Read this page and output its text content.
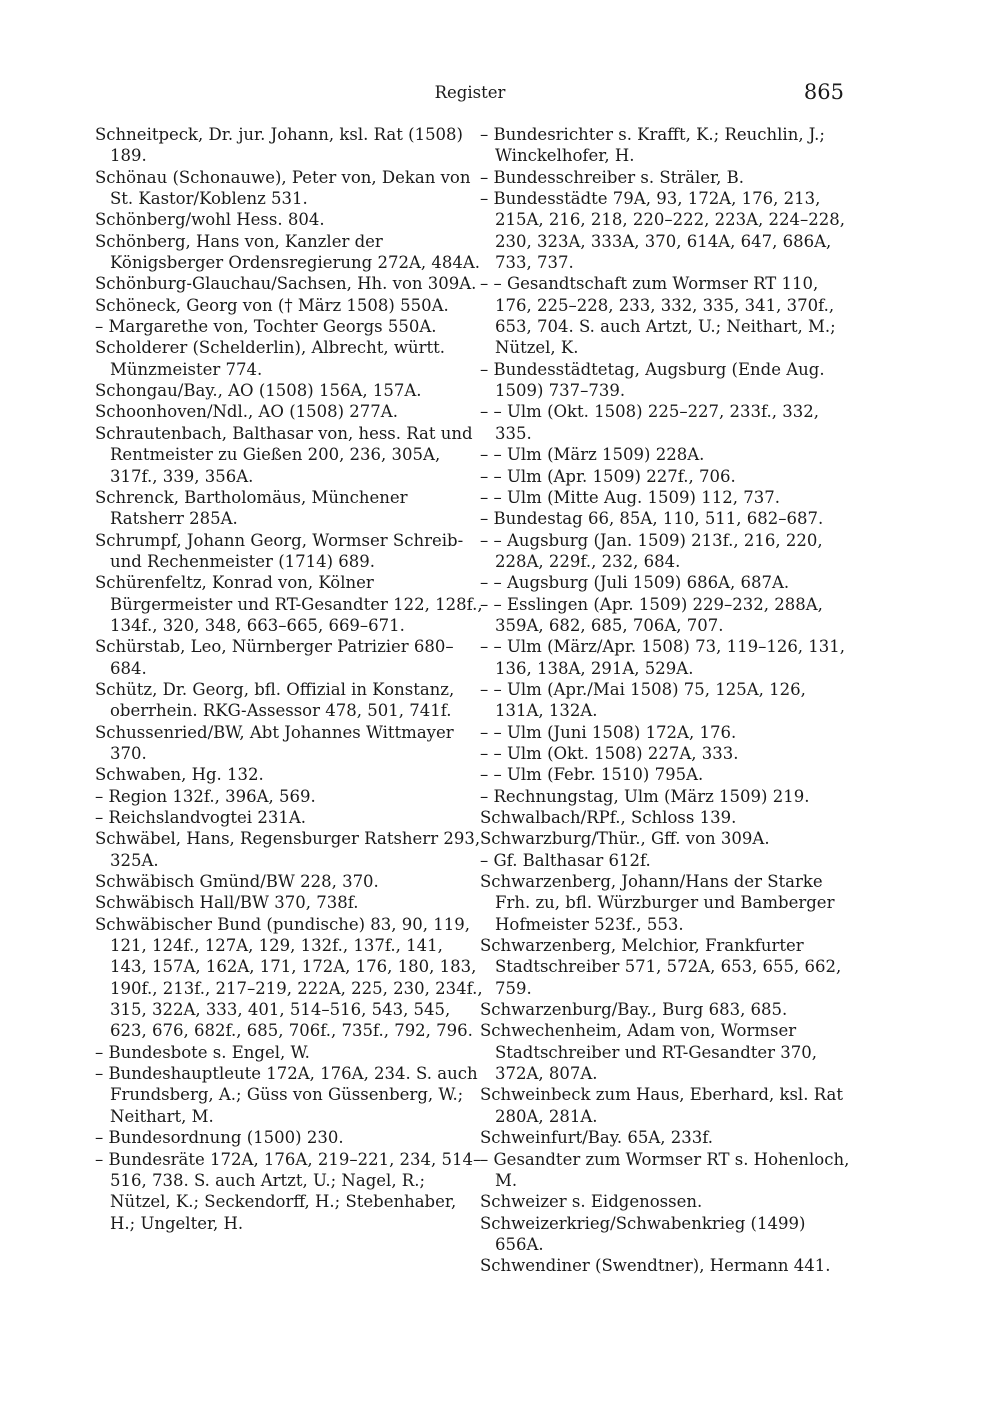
Register	865

Schneitpeck, Dr. jur. Johann, ksl. Rat (1508) 189.

Schönau (Schonauwe), Peter von, Dekan von St. Kastor/Koblenz 531.

Schönberg/wohl Hess. 804.

Schönberg, Hans von, Kanzler der Königsberger Ordensregierung 272A, 484A.

Schönburg-Glauchau/Sachsen, Hh. von 309A.

Schöneck, Georg von († März 1508) 550A.

– Margarethe von, Tochter Georgs 550A.

Scholderer (Schelderlin), Albrecht, württ. Münzmeister 774.

Schongau/Bay., AO (1508) 156A, 157A.

Schoonhoven/Ndl., AO (1508) 277A.

Schrautenbach, Balthasar von, hess. Rat und Rentmeister zu Gießen 200, 236, 305A, 317f., 339, 356A.

Schrenck, Bartholomäus, Münchener Ratsherr 285A.

Schrumpf, Johann Georg, Wormser Schreib- und Rechenmeister (1714) 689.

Schürenfeltz, Konrad von, Kölner Bürgermeister und RT-Gesandter 122, 128f., 134f., 320, 348, 663–665, 669–671.

Schürstab, Leo, Nürnberger Patrizier 680–684.

Schütz, Dr. Georg, bfl. Offizial in Konstanz, oberrhein. RKG-Assessor 478, 501, 741f.

Schussenried/BW, Abt Johannes Wittmayer 370.

Schwaben, Hg. 132.

– Region 132f., 396A, 569.

– Reichslandvogtei 231A.

Schwäbel, Hans, Regensburger Ratsherr 293, 325A.

Schwäbisch Gmünd/BW 228, 370.

Schwäbisch Hall/BW 370, 738f.

Schwäbischer Bund (pundische) 83, 90, 119, 121, 124f., 127A, 129, 132f., 137f., 141, 143, 157A, 162A, 171, 172A, 176, 180, 183, 190f., 213f., 217–219, 222A, 225, 230, 234f., 315, 322A, 333, 401, 514–516, 543, 545, 623, 676, 682f., 685, 706f., 735f., 792, 796.

– Bundesbote s. Engel, W.

– Bundeshauptleute 172A, 176A, 234. S. auch Frundsberg, A.; Güss von Güssenberg, W.; Neithart, M.

– Bundesordnung (1500) 230.

– Bundesräte 172A, 176A, 219–221, 234, 514–516, 738. S. auch Artzt, U.; Nagel, R.; Nützel, K.; Seckendorff, H.; Stebenhaber, H.; Ungelter, H.

– Bundesrichter s. Krafft, K.; Reuchlin, J.; Winckelhofer, H.

– Bundesschreiber s. Sträler, B.

– Bundesstädte 79A, 93, 172A, 176, 213, 215A, 216, 218, 220–222, 223A, 224–228, 230, 323A, 333A, 370, 614A, 647, 686A, 733, 737.

– – Gesandtschaft zum Wormser RT 110, 176, 225–228, 233, 332, 335, 341, 370f., 653, 704. S. auch Artzt, U.; Neithart, M.; Nützel, K.

– Bundesstädtetag, Augsburg (Ende Aug. 1509) 737–739.

– – Ulm (Okt. 1508) 225–227, 233f., 332, 335.

– – Ulm (März 1509) 228A.

– – Ulm (Apr. 1509) 227f., 706.

– – Ulm (Mitte Aug. 1509) 112, 737.

– Bundestag 66, 85A, 110, 511, 682–687.

– – Augsburg (Jan. 1509) 213f., 216, 220, 228A, 229f., 232, 684.

– – Augsburg (Juli 1509) 686A, 687A.

– – Esslingen (Apr. 1509) 229–232, 288A, 359A, 682, 685, 706A, 707.

– – Ulm (März/Apr. 1508) 73, 119–126, 131, 136, 138A, 291A, 529A.

– – Ulm (Apr./Mai 1508) 75, 125A, 126, 131A, 132A.

– – Ulm (Juni 1508) 172A, 176.

– – Ulm (Okt. 1508) 227A, 333.

– – Ulm (Febr. 1510) 795A.

– Rechnungstag, Ulm (März 1509) 219.

Schwalbach/RPf., Schloss 139.

Schwarzburg/Thür., Gff. von 309A.

– Gf. Balthasar 612f.

Schwarzenberg, Johann/Hans der Starke Frh. zu, bfl. Würzburger und Bamberger Hofmeister 523f., 553.

Schwarzenberg, Melchior, Frankfurter Stadtschreiber 571, 572A, 653, 655, 662, 759.

Schwarzenburg/Bay., Burg 683, 685.

Schwechenheim, Adam von, Wormser Stadtschreiber und RT-Gesandter 370, 372A, 807A.

Schweinbeck zum Haus, Eberhard, ksl. Rat 280A, 281A.

Schweinfurt/Bay. 65A, 233f.

– Gesandter zum Wormser RT s. Hohenloch, M.

Schweizer s. Eidgenossen.

Schweizerkrieg/Schwabenkrieg (1499) 656A.

Schwendiner (Swendtner), Hermann 441.
